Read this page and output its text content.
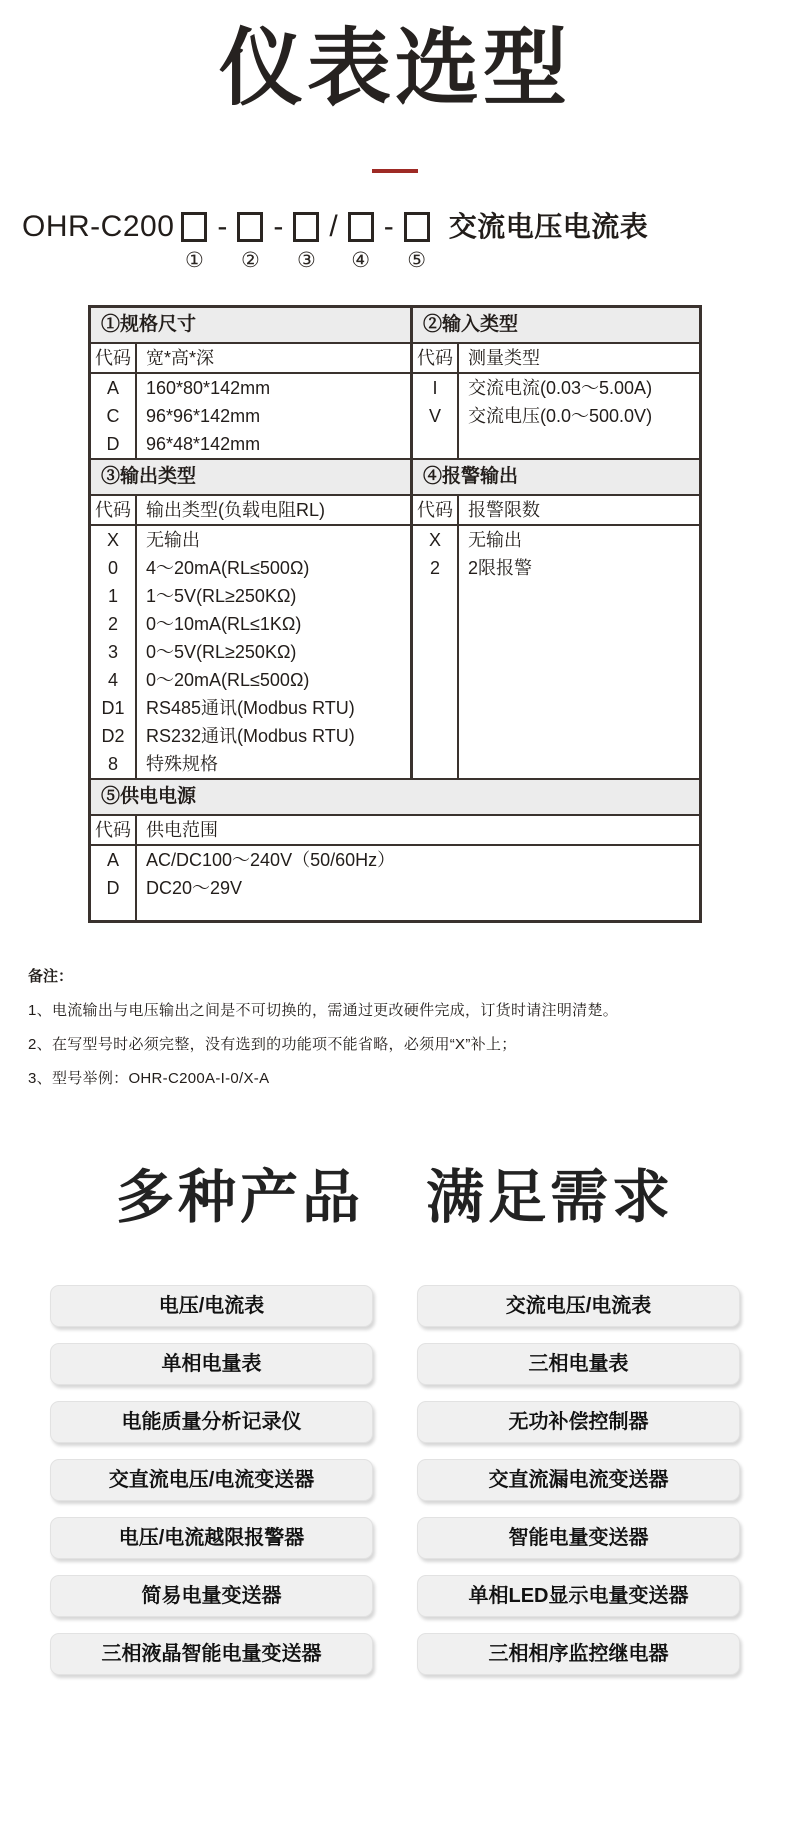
仪表选型
OHR-C200
①
-
②
-
③
/
④
-
⑤
交流电压电流表
①规格尺寸
代码 宽*高*深
A	160*80*142mm
C	96*96*142mm
D	96*48*142mm
②输入类型
代码 测量类型
I	交流电流(0.03～5.00A)
V	交流电压(0.0～500.0V)
③输出类型
代码 输出类型(负载电阻RL)
X	无输出
0	4～20mA(RL≤500Ω)
1	1～5V(RL≥250KΩ)
2	0～10mA(RL≤1KΩ)
3	0～5V(RL≥250KΩ)
4	0～20mA(RL≤500Ω)
D1	RS485通讯(Modbus RTU)
D2	RS232通讯(Modbus RTU)
8	特殊规格
④报警输出
代码 报警限数
X	无输出
2	2限报警
⑤供电电源
代码 供电范围
A	AC/DC100～240V（50/60Hz）
D	DC20～29V
备注：
1、电流输出与电压输出之间是不可切换的，需通过更改硬件完成，订货时请注明清楚。
2、在写型号时必须完整，没有选到的功能项不能省略，必须用“X”补上；
3、型号举例：OHR-C200A-I-0/X-A
多种产品 满足需求
电压/电流表	交流电压/电流表
单相电量表	三相电量表
电能质量分析记录仪	无功补偿控制器
交直流电压/电流变送器	交直流漏电流变送器
电压/电流越限报警器	智能电量变送器
简易电量变送器	单相LED显示电量变送器
三相液晶智能电量变送器	三相相序监控继电器
